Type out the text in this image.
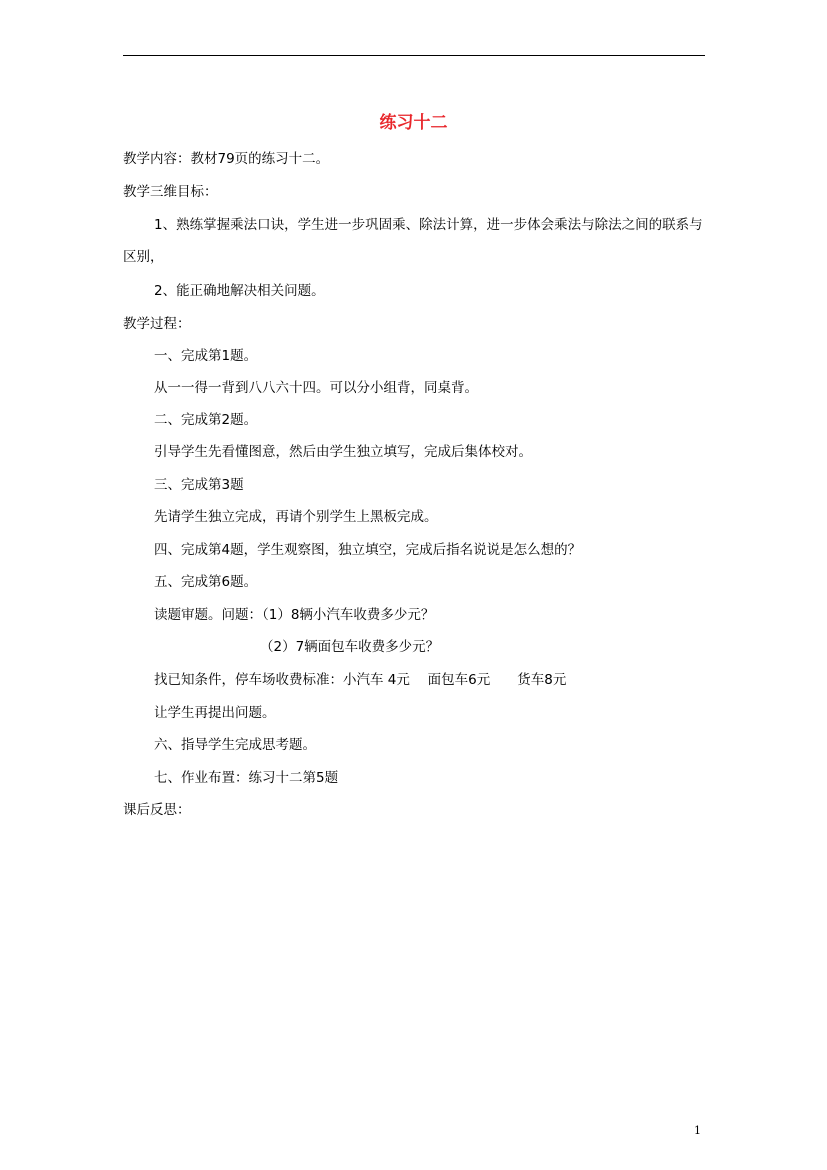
练习十二

教学内容：教材79页的练习十二。

教学三维目标：

1、熟练掌握乘法口诀，学生进一步巩固乘、除法计算，进一步体会乘法与除法之间的联系与区别，

2、能正确地解决相关问题。

教学过程：

一、完成第1题。

从一一得一背到八八六十四。可以分小组背，同桌背。

二、完成第2题。

引导学生先看懂图意，然后由学生独立填写，完成后集体校对。

三、完成第3题

先请学生独立完成，再请个别学生上黑板完成。

四、完成第4题，学生观察图，独立填空，完成后指名说说是怎么想的？

五、完成第6题。

读题审题。问题：（1）8辆小汽车收费多少元？

（2）7辆面包车收费多少元？

找已知条件，停车场收费标准：小汽车 4元　 面包车6元　　货车8元

让学生再提出问题。

六、指导学生完成思考题。

七、作业布置：练习十二第5题

课后反思：

1
